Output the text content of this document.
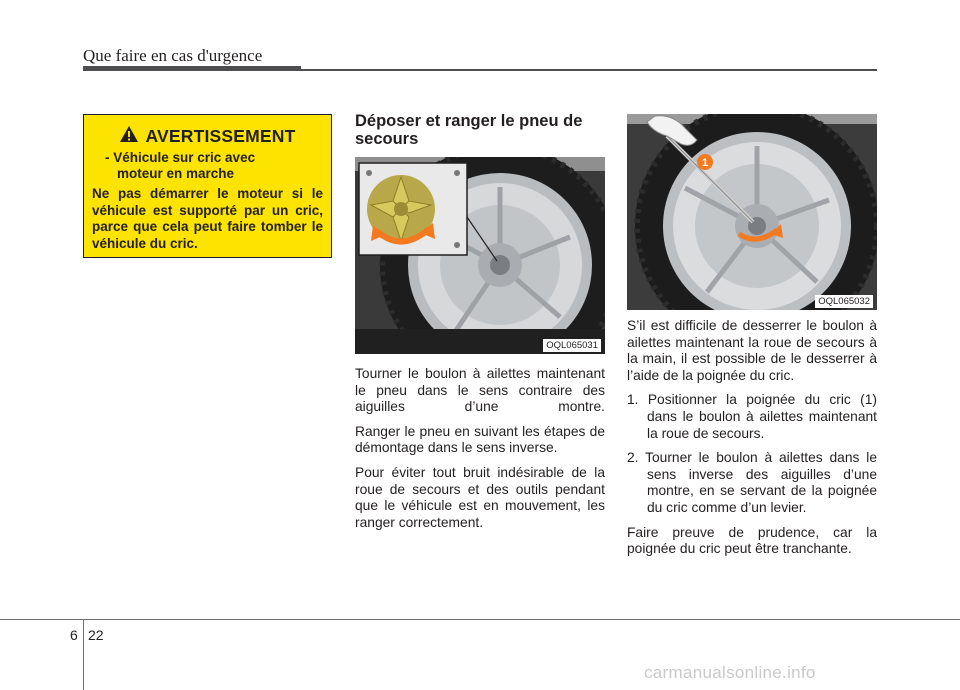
Que faire en cas d'urgence
AVERTISSEMENT
- Véhicule sur cric avec
moteur en marche
Ne pas démarrer le moteur si le véhicule est supporté par un cric, parce que cela peut faire tomber le véhicule du cric.
Déposer et ranger le pneu de secours
OQL065031
1
OQL065032

Tourner le boulon à ailettes maintenant le pneu dans le sens contraire des aiguilles d’une montre.

Ranger le pneu en suivant les étapes de démontage dans le sens inverse.

Pour éviter tout bruit indésirable de la roue de secours et des outils pendant que le véhicule est en mouvement, les ranger correctement.

S’il est difficile de desserrer le boulon à ailettes maintenant la roue de secours à la main, il est possible de le desserrer à l’aide de la poignée du cric.

1. Positionner la poignée du cric (1) dans le boulon à ailettes maintenant la roue de secours.

2. Tourner le boulon à ailettes dans le sens inverse des aiguilles d’une montre, en se servant de la poignée du cric comme d’un levier.

Faire preuve de prudence, car la poignée du cric peut être tranchante.

6 22
carmanualsonline.info
